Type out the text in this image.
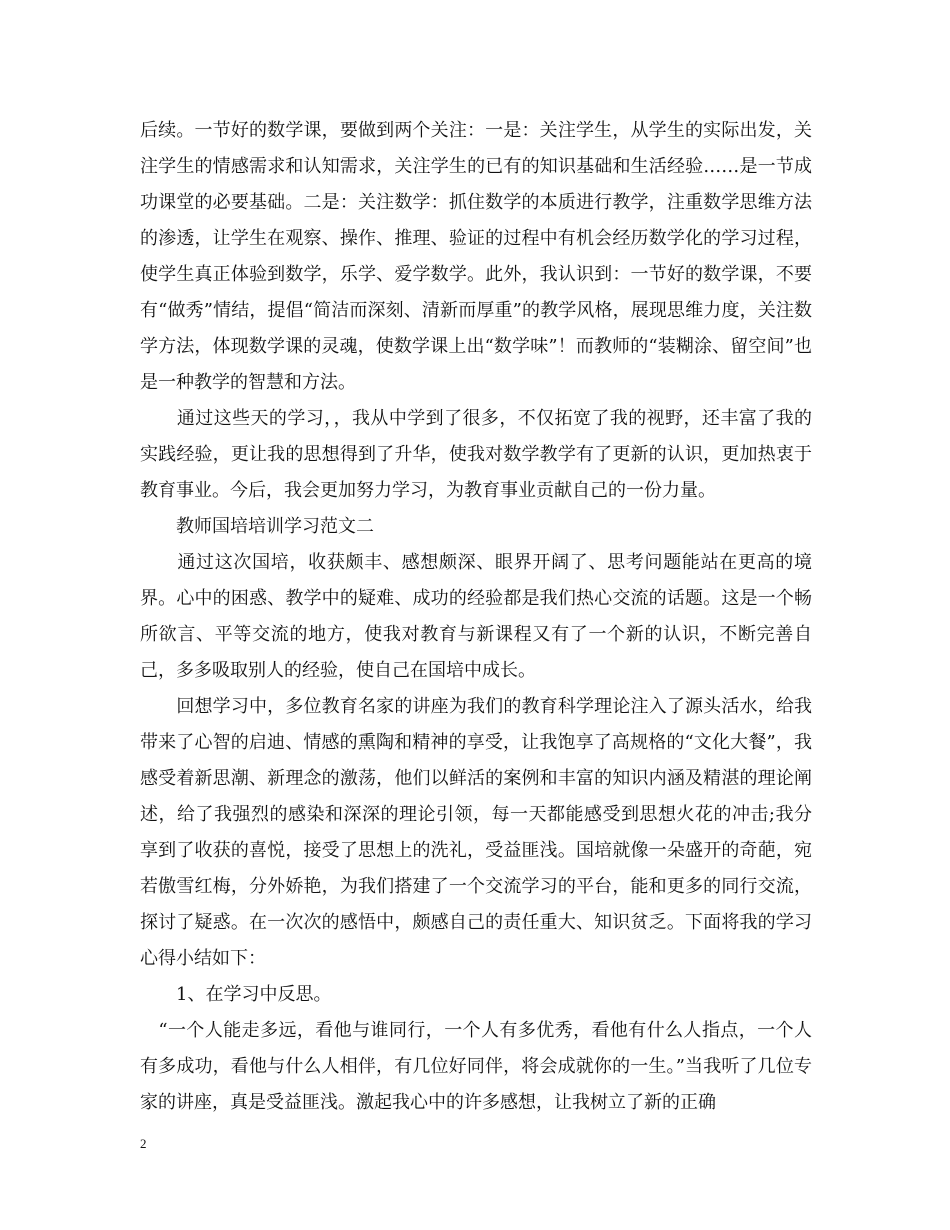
后续。一节好的数学课，要做到两个关注：一是：关注学生，从学生的实际出发，关注学生的情感需求和认知需求，关注学生的已有的知识基础和生活经验……是一节成功课堂的必要基础。二是：关注数学：抓住数学的本质进行教学，注重数学思维方法的渗透，让学生在观察、操作、推理、验证的过程中有机会经历数学化的学习过程，使学生真正体验到数学，乐学、爱学数学。此外，我认识到：一节好的数学课，不要有“做秀”情结，提倡“简洁而深刻、清新而厚重”的教学风格，展现思维力度，关注数学方法，体现数学课的灵魂，使数学课上出“数学味”！而教师的“装糊涂、留空间”也是一种教学的智慧和方法。

　　通过这些天的学习，，我从中学到了很多，不仅拓宽了我的视野，还丰富了我的实践经验，更让我的思想得到了升华，使我对数学教学有了更新的认识，更加热衷于教育事业。今后，我会更加努力学习，为教育事业贡献自己的一份力量。

　　教师国培培训学习范文二

　　通过这次国培，收获颇丰、感想颇深、眼界开阔了、思考问题能站在更高的境界。心中的困惑、教学中的疑难、成功的经验都是我们热心交流的话题。这是一个畅所欲言、平等交流的地方，使我对教育与新课程又有了一个新的认识，不断完善自己，多多吸取别人的经验，使自己在国培中成长。

　　回想学习中，多位教育名家的讲座为我们的教育科学理论注入了源头活水，给我带来了心智的启迪、情感的熏陶和精神的享受，让我饱享了高规格的“文化大餐”，我感受着新思潮、新理念的激荡，他们以鲜活的案例和丰富的知识内涵及精湛的理论阐述，给了我强烈的感染和深深的理论引领，每一天都能感受到思想火花的冲击;我分享到了收获的喜悦，接受了思想上的洗礼，受益匪浅。国培就像一朵盛开的奇葩，宛若傲雪红梅，分外娇艳，为我们搭建了一个交流学习的平台，能和更多的同行交流，探讨了疑惑。在一次次的感悟中，颇感自己的责任重大、知识贫乏。下面将我的学习心得小结如下：

　　1、在学习中反思。

　“一个人能走多远，看他与谁同行，一个人有多优秀，看他有什么人指点，一个人有多成功，看他与什么人相伴，有几位好同伴，将会成就你的一生。”当我听了几位专家的讲座，真是受益匪浅。激起我心中的许多感想，让我树立了新的正确

2
